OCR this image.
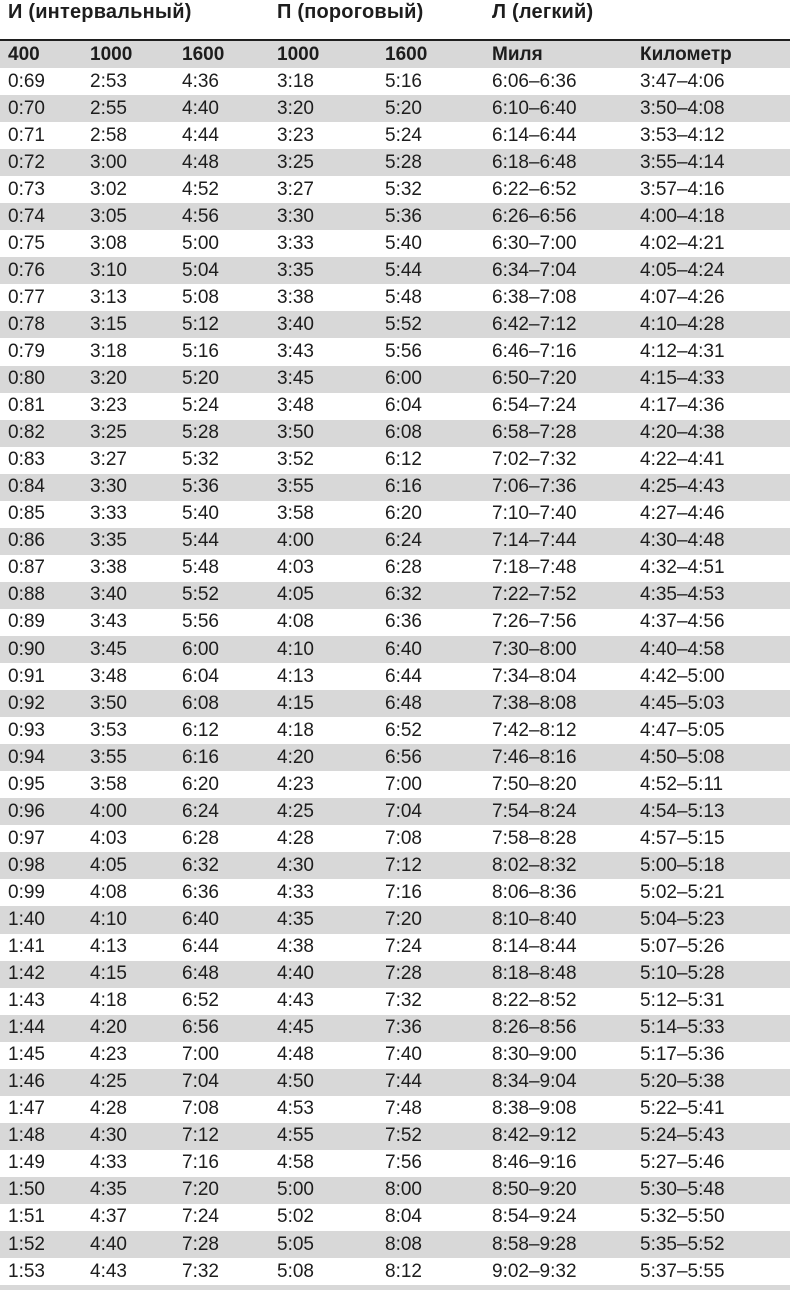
И (интервальный)	П (пороговый)	Л (легкий)
400	1000	1600	1000	1600	Миля	Километр
0:69	2:53	4:36	3:18	5:16	6:06–6:36	3:47–4:06
0:70	2:55	4:40	3:20	5:20	6:10–6:40	3:50–4:08
0:71	2:58	4:44	3:23	5:24	6:14–6:44	3:53–4:12
0:72	3:00	4:48	3:25	5:28	6:18–6:48	3:55–4:14
0:73	3:02	4:52	3:27	5:32	6:22–6:52	3:57–4:16
0:74	3:05	4:56	3:30	5:36	6:26–6:56	4:00–4:18
0:75	3:08	5:00	3:33	5:40	6:30–7:00	4:02–4:21
0:76	3:10	5:04	3:35	5:44	6:34–7:04	4:05–4:24
0:77	3:13	5:08	3:38	5:48	6:38–7:08	4:07–4:26
0:78	3:15	5:12	3:40	5:52	6:42–7:12	4:10–4:28
0:79	3:18	5:16	3:43	5:56	6:46–7:16	4:12–4:31
0:80	3:20	5:20	3:45	6:00	6:50–7:20	4:15–4:33
0:81	3:23	5:24	3:48	6:04	6:54–7:24	4:17–4:36
0:82	3:25	5:28	3:50	6:08	6:58–7:28	4:20–4:38
0:83	3:27	5:32	3:52	6:12	7:02–7:32	4:22–4:41
0:84	3:30	5:36	3:55	6:16	7:06–7:36	4:25–4:43
0:85	3:33	5:40	3:58	6:20	7:10–7:40	4:27–4:46
0:86	3:35	5:44	4:00	6:24	7:14–7:44	4:30–4:48
0:87	3:38	5:48	4:03	6:28	7:18–7:48	4:32–4:51
0:88	3:40	5:52	4:05	6:32	7:22–7:52	4:35–4:53
0:89	3:43	5:56	4:08	6:36	7:26–7:56	4:37–4:56
0:90	3:45	6:00	4:10	6:40	7:30–8:00	4:40–4:58
0:91	3:48	6:04	4:13	6:44	7:34–8:04	4:42–5:00
0:92	3:50	6:08	4:15	6:48	7:38–8:08	4:45–5:03
0:93	3:53	6:12	4:18	6:52	7:42–8:12	4:47–5:05
0:94	3:55	6:16	4:20	6:56	7:46–8:16	4:50–5:08
0:95	3:58	6:20	4:23	7:00	7:50–8:20	4:52–5:11
0:96	4:00	6:24	4:25	7:04	7:54–8:24	4:54–5:13
0:97	4:03	6:28	4:28	7:08	7:58–8:28	4:57–5:15
0:98	4:05	6:32	4:30	7:12	8:02–8:32	5:00–5:18
0:99	4:08	6:36	4:33	7:16	8:06–8:36	5:02–5:21
1:40	4:10	6:40	4:35	7:20	8:10–8:40	5:04–5:23
1:41	4:13	6:44	4:38	7:24	8:14–8:44	5:07–5:26
1:42	4:15	6:48	4:40	7:28	8:18–8:48	5:10–5:28
1:43	4:18	6:52	4:43	7:32	8:22–8:52	5:12–5:31
1:44	4:20	6:56	4:45	7:36	8:26–8:56	5:14–5:33
1:45	4:23	7:00	4:48	7:40	8:30–9:00	5:17–5:36
1:46	4:25	7:04	4:50	7:44	8:34–9:04	5:20–5:38
1:47	4:28	7:08	4:53	7:48	8:38–9:08	5:22–5:41
1:48	4:30	7:12	4:55	7:52	8:42–9:12	5:24–5:43
1:49	4:33	7:16	4:58	7:56	8:46–9:16	5:27–5:46
1:50	4:35	7:20	5:00	8:00	8:50–9:20	5:30–5:48
1:51	4:37	7:24	5:02	8:04	8:54–9:24	5:32–5:50
1:52	4:40	7:28	5:05	8:08	8:58–9:28	5:35–5:52
1:53	4:43	7:32	5:08	8:12	9:02–9:32	5:37–5:55
